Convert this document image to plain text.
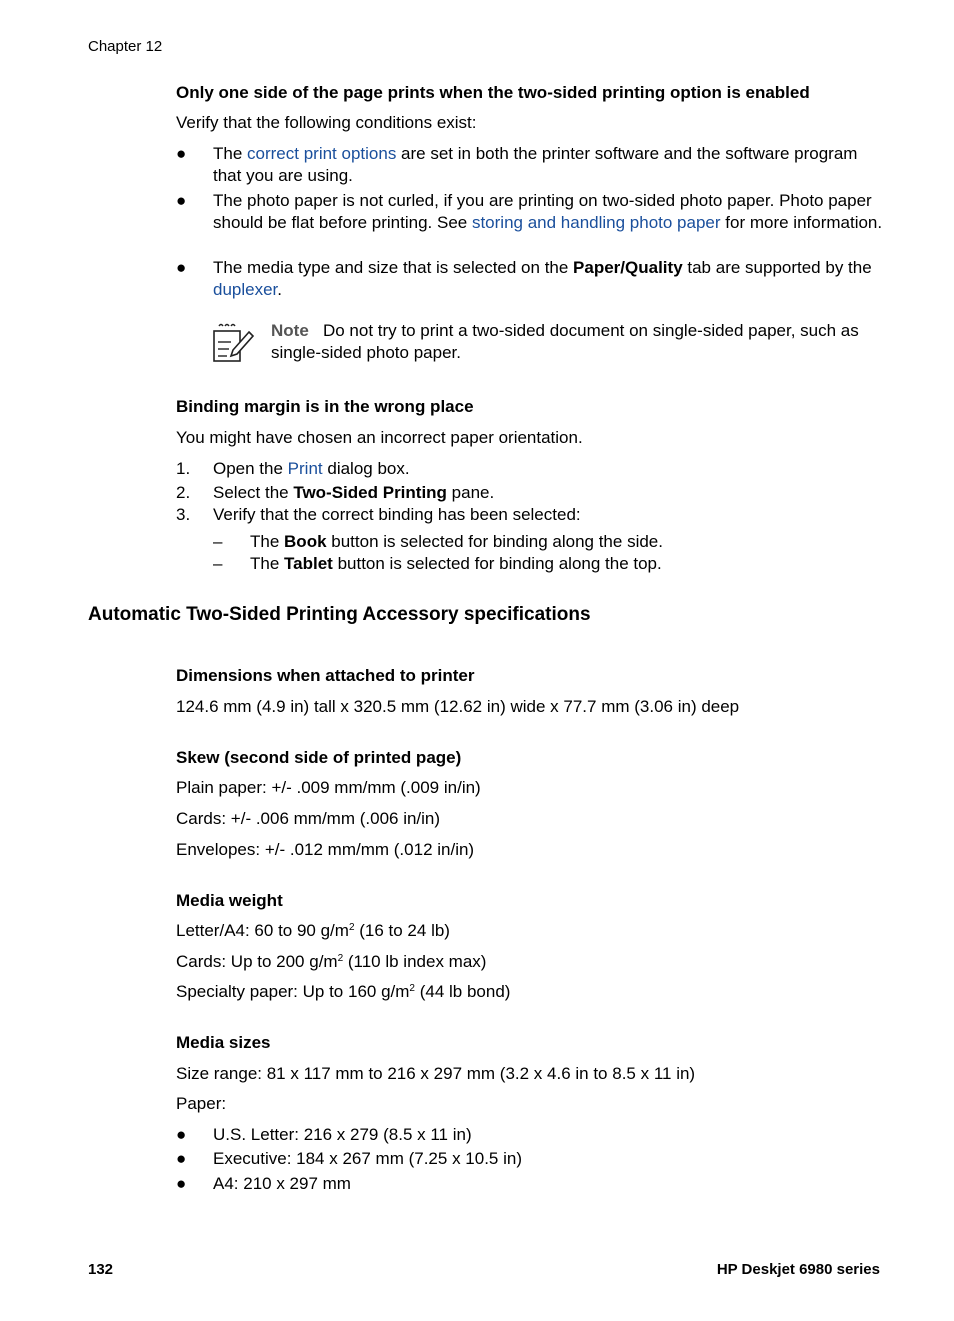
Chapter 12
Only one side of the page prints when the two-sided printing option is enabled
Verify that the following conditions exist:
●	The correct print options are set in both the printer software and the software program that you are using.
●	The photo paper is not curled, if you are printing on two-sided photo paper. Photo paper should be flat before printing. See storing and handling photo paper for more information.
●	The media type and size that is selected on the Paper/Quality tab are supported by the duplexer.
Note Do not try to print a two-sided document on single-sided paper, such as single-sided photo paper.
Binding margin is in the wrong place
You might have chosen an incorrect paper orientation.
1.	Open the Print dialog box.
2.	Select the Two-Sided Printing pane.
3.	Verify that the correct binding has been selected:
– The Book button is selected for binding along the side.
– The Tablet button is selected for binding along the top.
Automatic Two-Sided Printing Accessory specifications
Dimensions when attached to printer
124.6 mm (4.9 in) tall x 320.5 mm (12.62 in) wide x 77.7 mm (3.06 in) deep
Skew (second side of printed page)
Plain paper: +/- .009 mm/mm (.009 in/in)
Cards: +/- .006 mm/mm (.006 in/in)
Envelopes: +/- .012 mm/mm (.012 in/in)
Media weight
Letter/A4: 60 to 90 $g/m^2$ (16 to 24 lb)
Cards: Up to 200 $g/m^2$ (110 lb index max)
Specialty paper: Up to 160 $g/m^2$ (44 lb bond)
Media sizes
Size range: 81 x 117 mm to 216 x 297 mm (3.2 x 4.6 in to 8.5 x 11 in)
Paper:
●	U.S. Letter: 216 x 279 (8.5 x 11 in)
●	Executive: 184 x 267 mm (7.25 x 10.5 in)
●	A4: 210 x 297 mm
132	HP Deskjet 6980 series
